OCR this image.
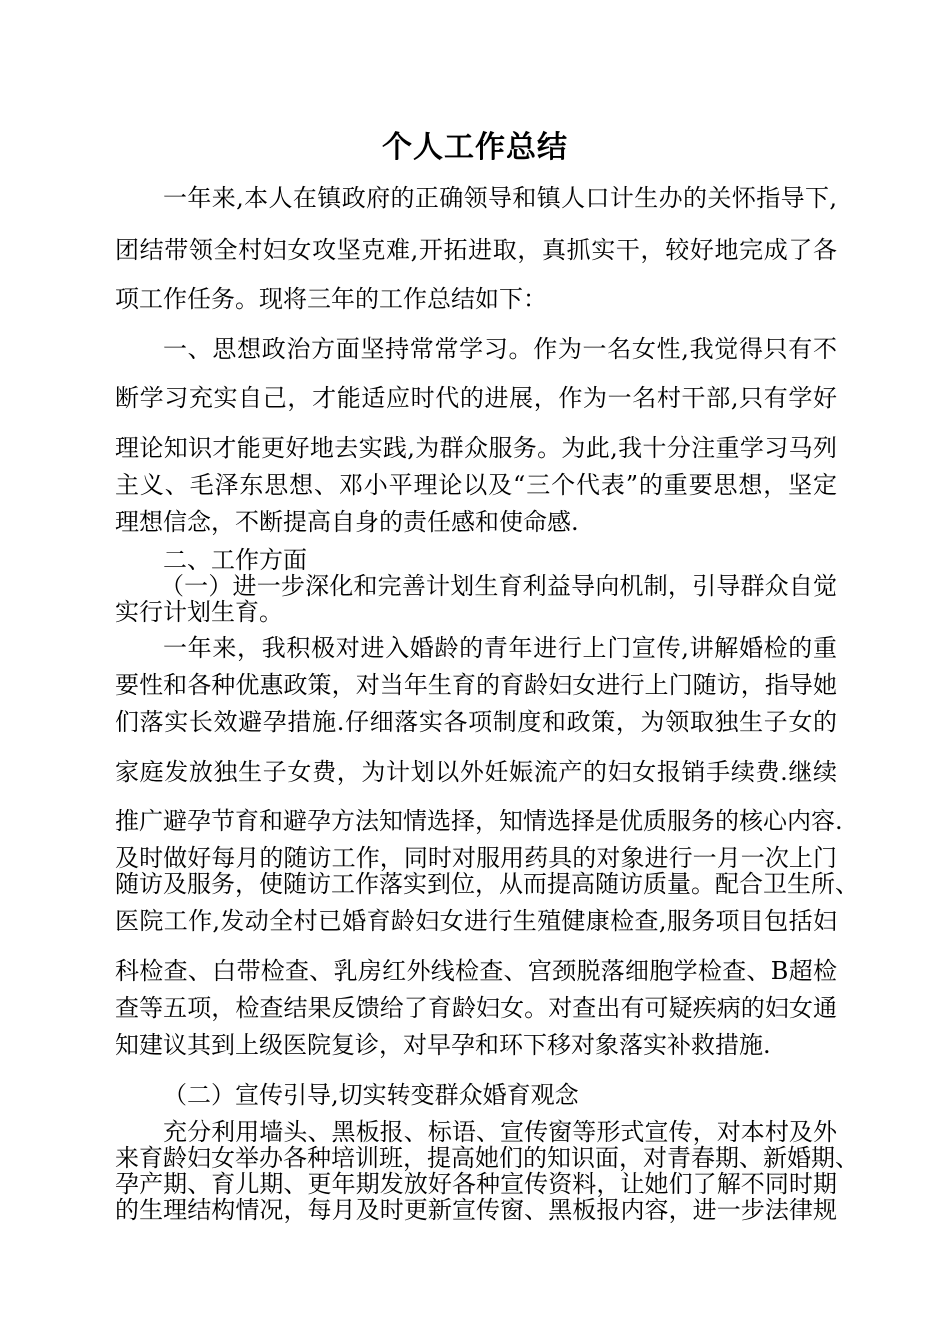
个人工作总结
一年来,本人在镇政府的正确领导和镇人口计生办的关怀指导下,
团结带领全村妇女攻坚克难,开拓进取，真抓实干，较好地完成了各
项工作任务。现将三年的工作总结如下：
一、思想政治方面坚持常常学习。作为一名女性,我觉得只有不
断学习充实自己，才能适应时代的进展，作为一名村干部,只有学好
理论知识才能更好地去实践,为群众服务。为此,我十分注重学习马列
主义、毛泽东思想、邓小平理论以及“三个代表”的重要思想，坚定
理想信念，不断提高自身的责任感和使命感.
二、工作方面
（一）进一步深化和完善计划生育利益导向机制，引导群众自觉
实行计划生育。
一年来，我积极对进入婚龄的青年进行上门宣传,讲解婚检的重
要性和各种优惠政策，对当年生育的育龄妇女进行上门随访，指导她
们落实长效避孕措施.仔细落实各项制度和政策，为领取独生子女的
家庭发放独生子女费，为计划以外妊娠流产的妇女报销手续费.继续
推广避孕节育和避孕方法知情选择，知情选择是优质服务的核心内容.
及时做好每月的随访工作，同时对服用药具的对象进行一月一次上门
随访及服务，使随访工作落实到位，从而提高随访质量。配合卫生所、
医院工作,发动全村已婚育龄妇女进行生殖健康检查,服务项目包括妇
科检查、白带检查、乳房红外线检查、宫颈脱落细胞学检查、B超检
查等五项，检查结果反馈给了育龄妇女。对查出有可疑疾病的妇女通
知建议其到上级医院复诊，对早孕和环下移对象落实补救措施.
（二）宣传引导,切实转变群众婚育观念
充分利用墙头、黑板报、标语、宣传窗等形式宣传，对本村及外
来育龄妇女举办各种培训班，提高她们的知识面，对青春期、新婚期、
孕产期、育儿期、更年期发放好各种宣传资料，让她们了解不同时期
的生理结构情况，每月及时更新宣传窗、黑板报内容，进一步法律规
